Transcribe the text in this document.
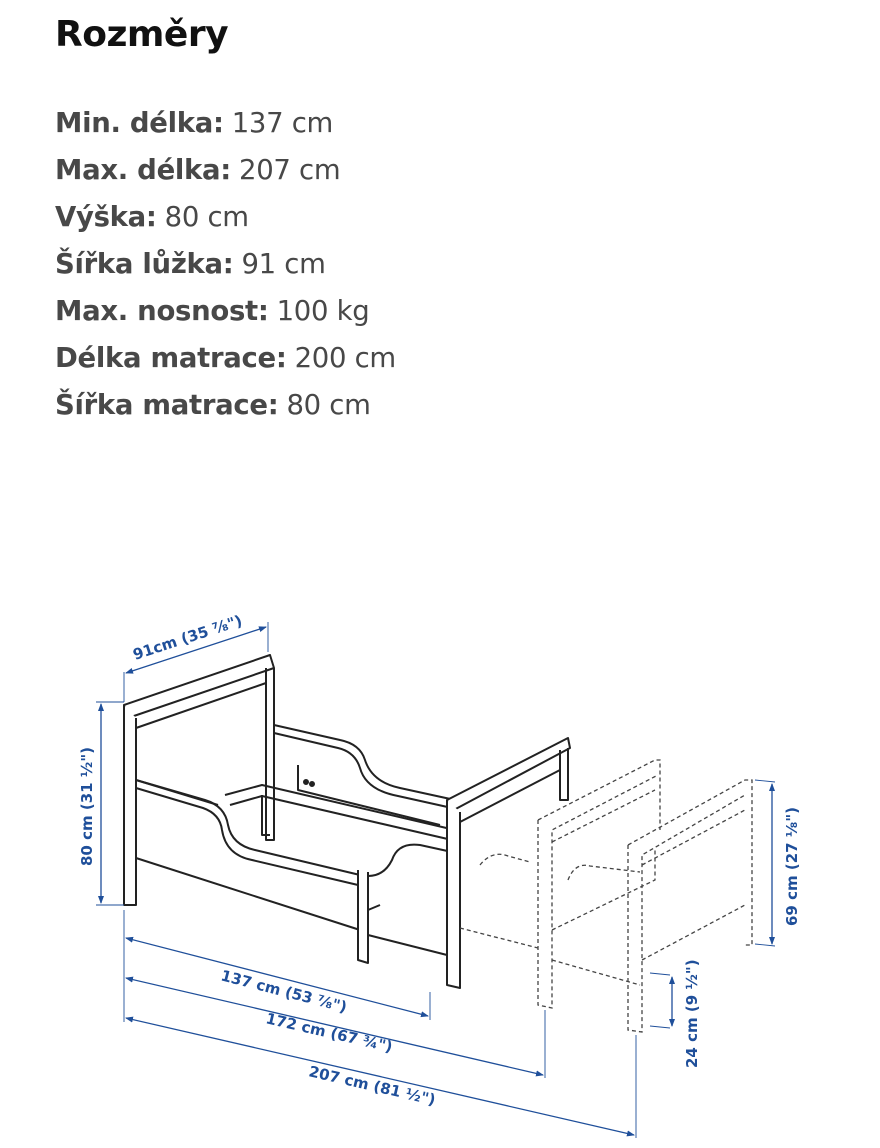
Rozměry
Min. délka: 137 cm
Max. délka: 207 cm
Výška: 80 cm
Šířka lůžka: 91 cm
Max. nosnost: 100 kg
Délka matrace: 200 cm
Šířka matrace: 80 cm
91cm (35 ⅞")
80 cm (31 ½")
137 cm (53 ⅞")
172 cm (67 ¾")
207 cm (81 ½")
69 cm (27 ⅛")
24 cm (9 ½")
